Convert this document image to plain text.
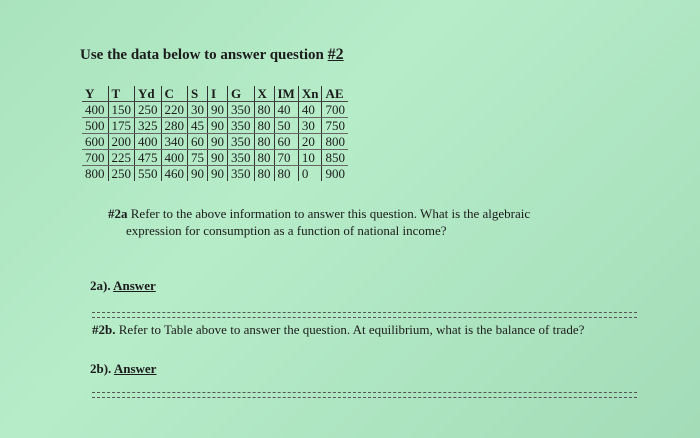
Use the data below to answer question #2
Y	T	Yd	C	S	I	G	X	IM	Xn	AE
400	150	250	220	30	90	350	80	40	40	700
500	175	325	280	45	90	350	80	50	30	750
600	200	400	340	60	90	350	80	60	20	800
700	225	475	400	75	90	350	80	70	10	850
800	250	550	460	90	90	350	80	80	0	900
#2a Refer to the above information to answer this question. What is the algebraic
expression for consumption as a function of national income?
2a). Answer
#2b. Refer to Table above to answer the question. At equilibrium, what is the balance of trade?
2b). Answer
